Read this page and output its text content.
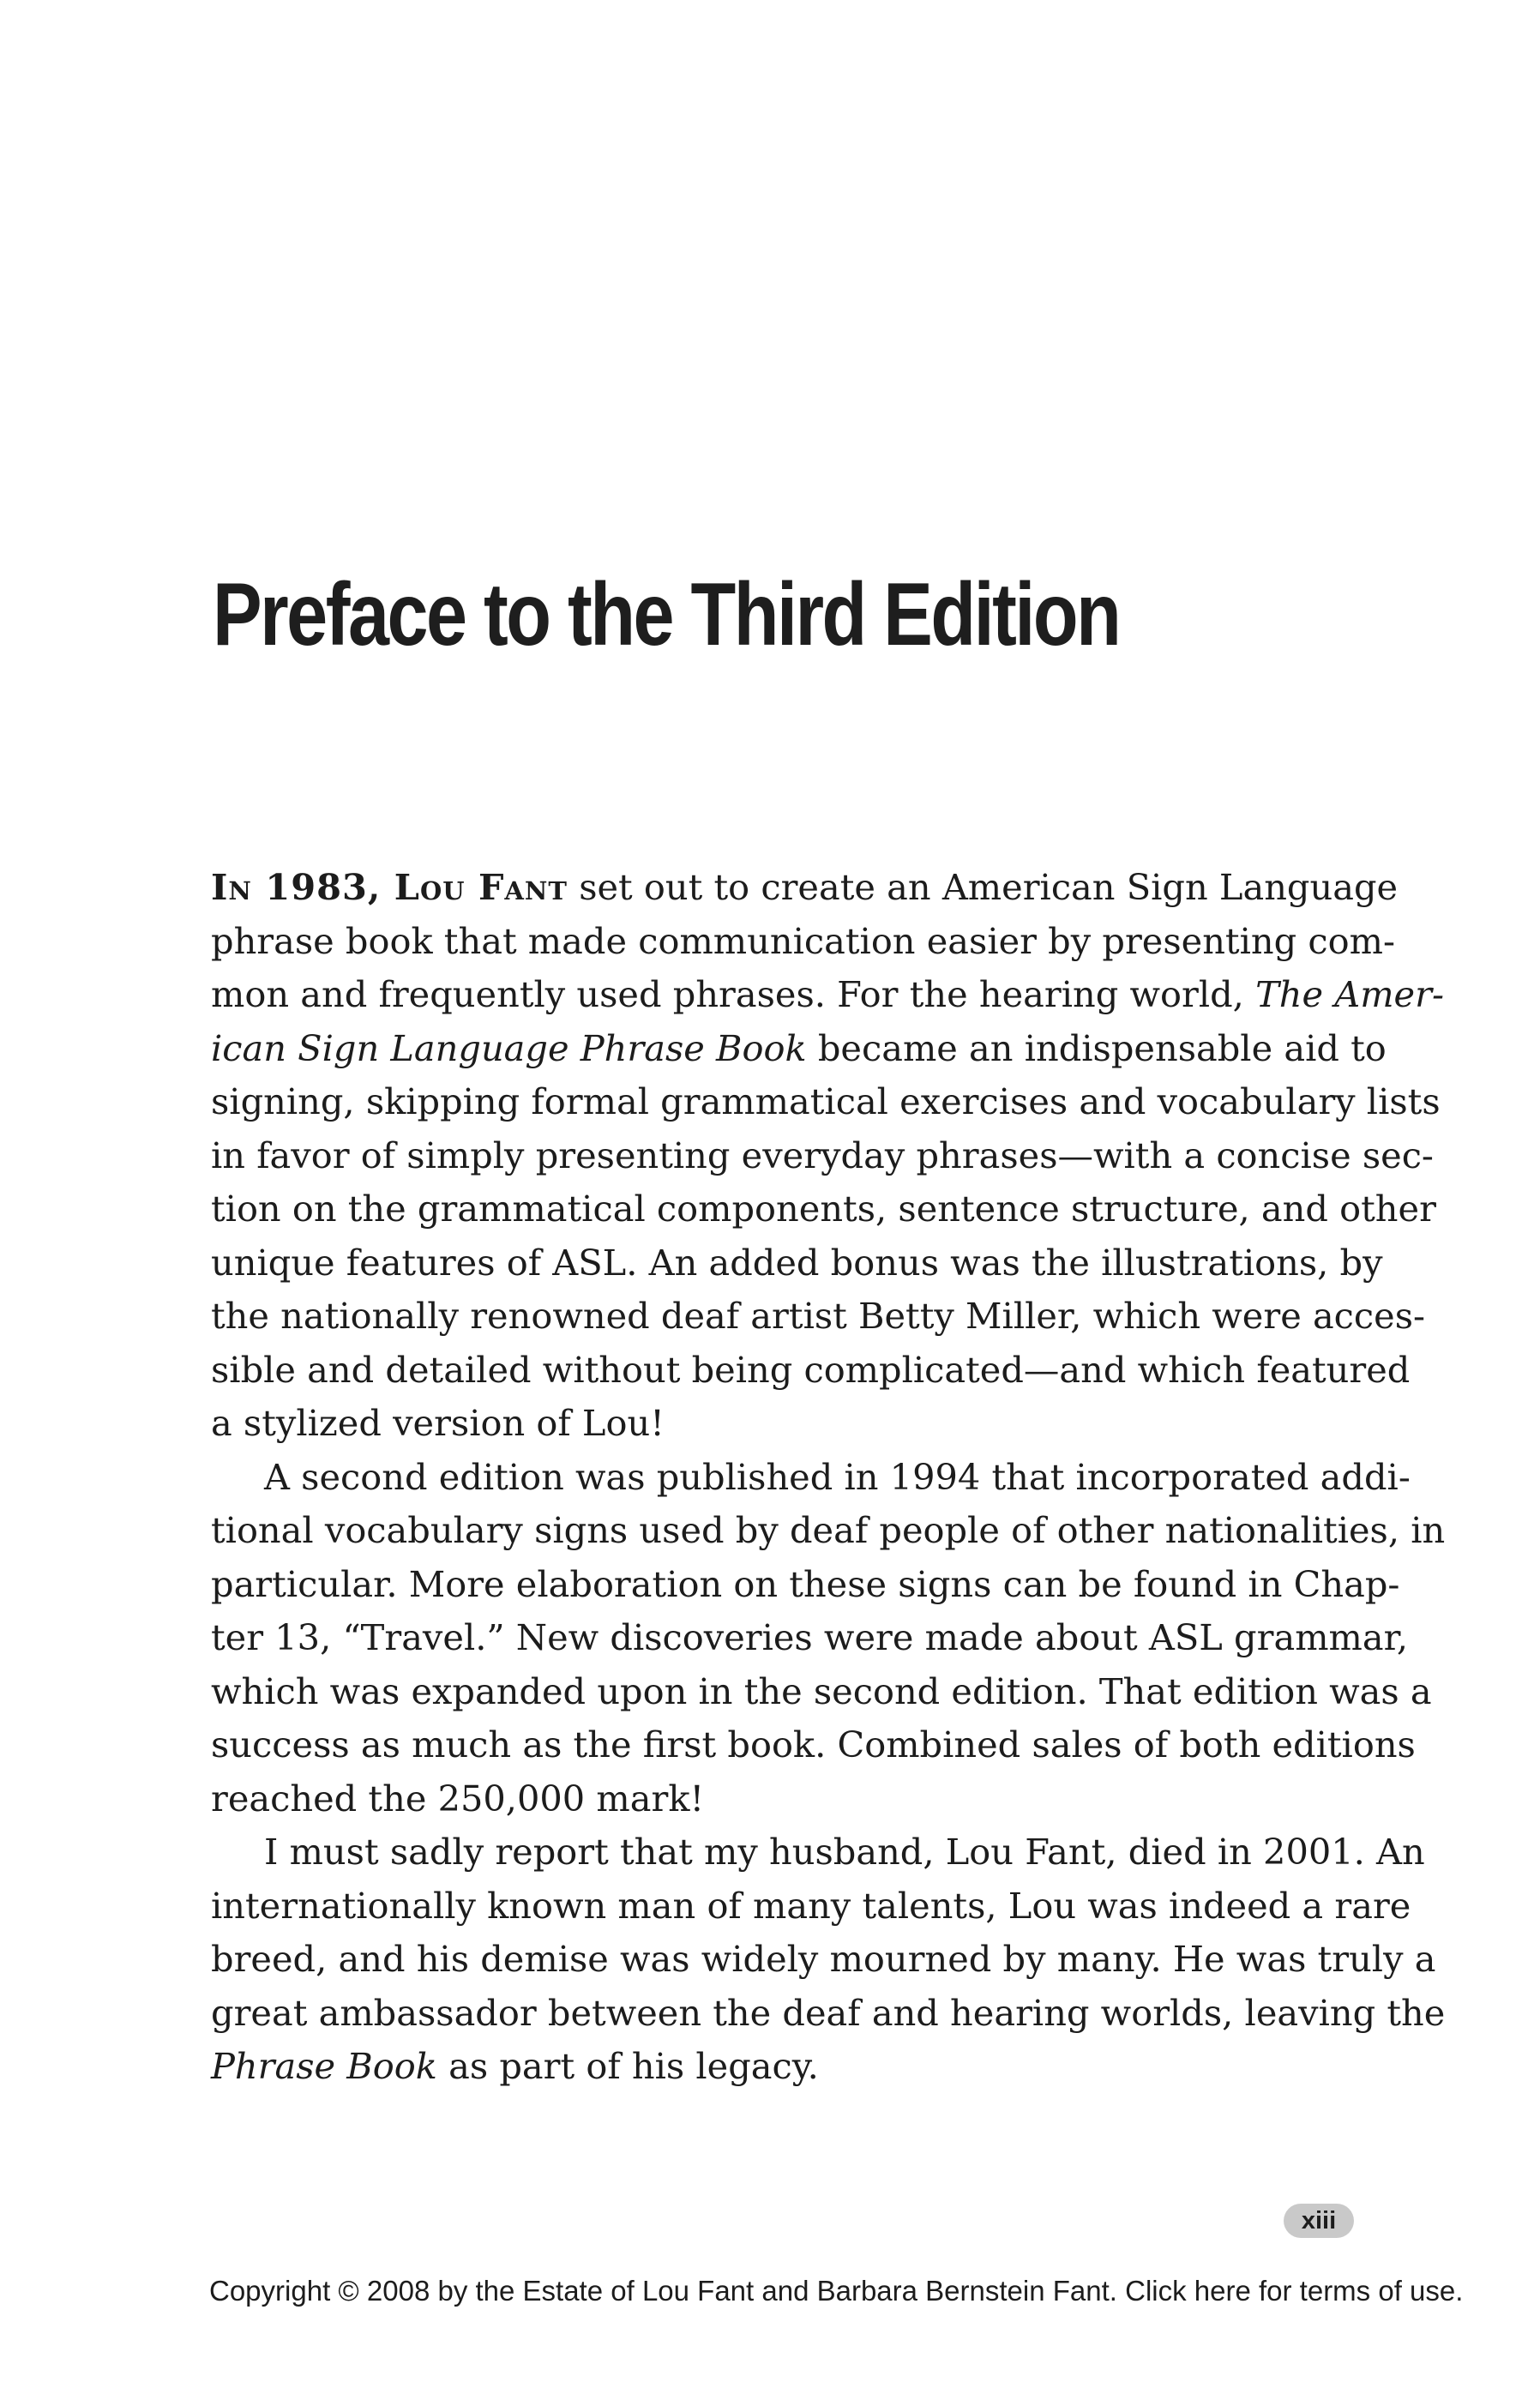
Preface to the Third Edition

In 1983, Lou Fant set out to create an American Sign Language
phrase book that made communication easier by presenting com-
mon and frequently used phrases. For the hearing world, The Amer-
ican Sign Language Phrase Book became an indispensable aid to
signing, skipping formal grammatical exercises and vocabulary lists
in favor of simply presenting everyday phrases—with a concise sec-
tion on the grammatical components, sentence structure, and other
unique features of ASL. An added bonus was the illustrations, by
the nationally renowned deaf artist Betty Miller, which were acces-
sible and detailed without being complicated—and which featured
a stylized version of Lou!

A second edition was published in 1994 that incorporated addi-
tional vocabulary signs used by deaf people of other nationalities, in
particular. More elaboration on these signs can be found in Chap-
ter 13, “Travel.” New discoveries were made about ASL grammar,
which was expanded upon in the second edition. That edition was a
success as much as the first book. Combined sales of both editions
reached the 250,000 mark!

I must sadly report that my husband, Lou Fant, died in 2001. An
internationally known man of many talents, Lou was indeed a rare
breed, and his demise was widely mourned by many. He was truly a
great ambassador between the deaf and hearing worlds, leaving the
Phrase Book as part of his legacy.

xiii
Copyright © 2008 by the Estate of Lou Fant and Barbara Bernstein Fant. Click here for terms of use.
